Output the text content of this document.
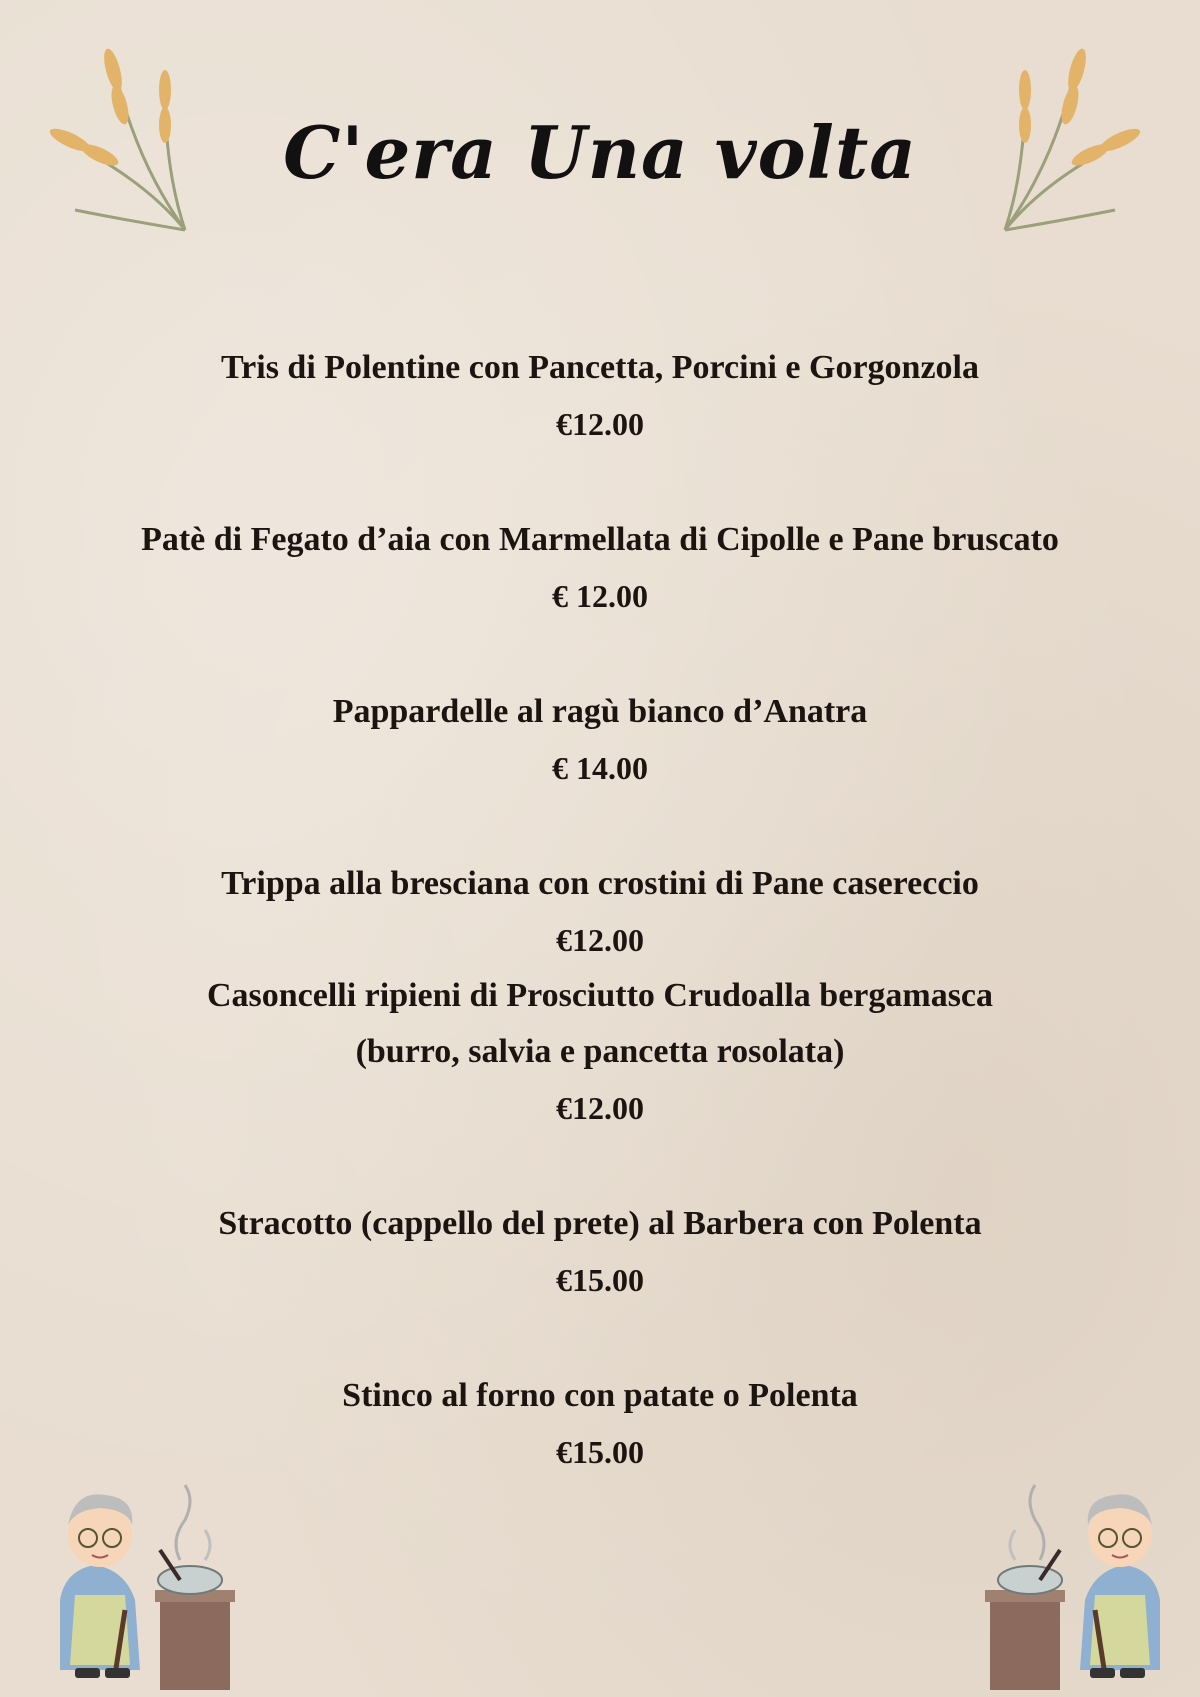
C'era Una volta

Tris di Polentine con Pancetta, Porcini e Gorgonzola

€12.00

Patè di Fegato d’aia con Marmellata di Cipolle e Pane bruscato

€ 12.00

Pappardelle al ragù bianco d’Anatra

€ 14.00

Trippa alla bresciana con crostini di Pane casereccio

€12.00

Casoncelli ripieni di Prosciutto Crudoalla bergamasca

(burro, salvia e pancetta rosolata)

€12.00

Stracotto (cappello del prete) al Barbera con Polenta

€15.00

Stinco al forno con patate o Polenta

€15.00
